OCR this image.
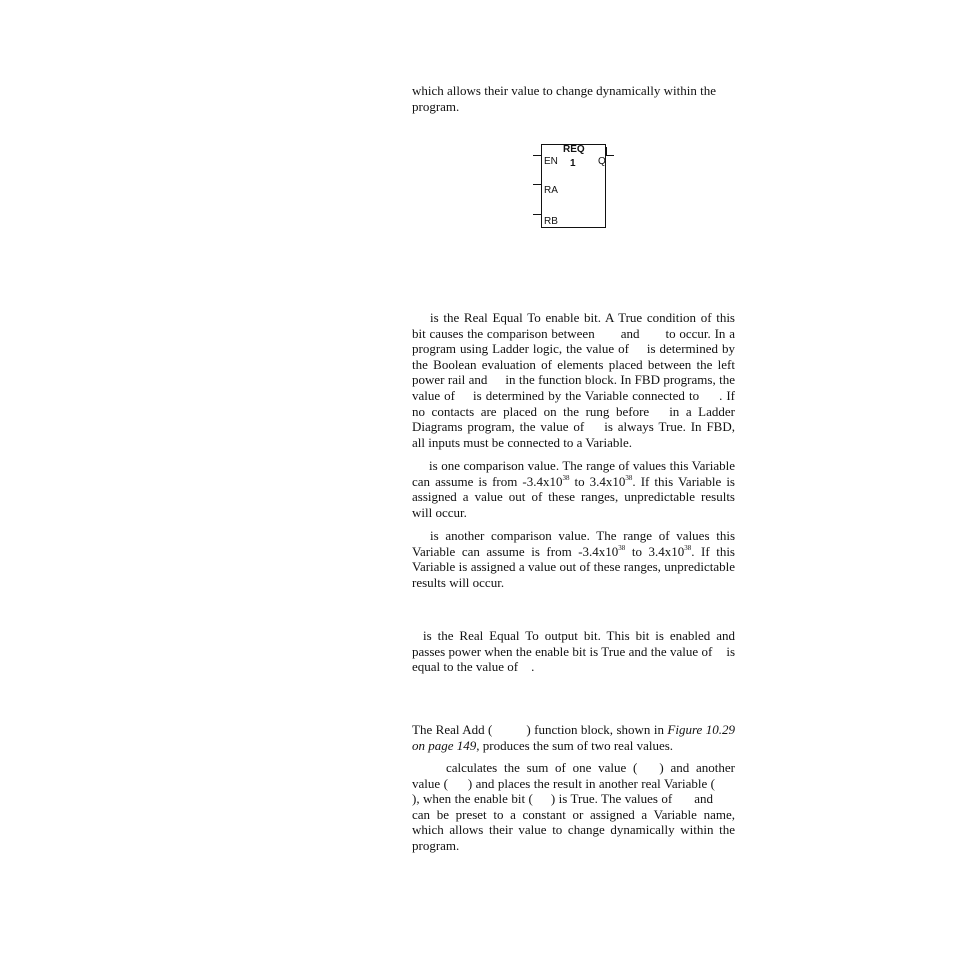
which allows their value to change dynamically within the

program.

REQ
1
EN	Q
RA
RB

is the Real Equal To enable bit. A True condition of this bit causes the comparison between and to occur. In a program using Ladder logic, the value of is determined by the Boolean evaluation of elements placed between the left power rail and in the function block. In FBD programs, the value of is determined by the Variable connected to . If no contacts are placed on the rung before in a Ladder Diagrams program, the value of is always True. In FBD, all inputs must be connected to a Variable.

is one comparison value. The range of values this Variable can assume is from $-3.4x10^{38}$ to $3.4x10^{38}$. If this Variable is assigned a value out of these ranges, unpredictable results will occur.

is another comparison value. The range of values this Variable can assume is from $-3.4x10^{38}$ to $3.4x10^{38}$. If this Variable is assigned a value out of these ranges, unpredictable results will occur.

is the Real Equal To output bit. This bit is enabled and passes power when the enable bit is True and the value of is equal to the value of .

The Real Add (	) function block, shown in Figure 10.29 on page 149, produces the sum of two real values.

calculates the sum of one value ( ) and another value ( ) and places the result in another real Variable (), when the enable bit ( ) is True. The values of andcan be preset to a constant or assigned a Variable name, which allows their value to change dynamically within the program.
